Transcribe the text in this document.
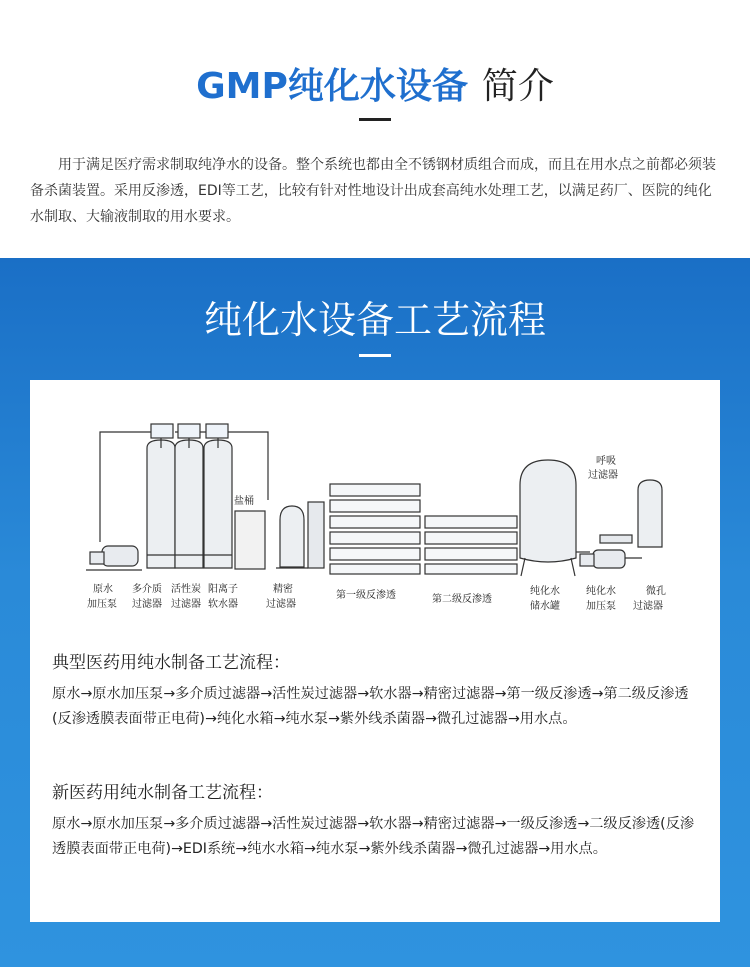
GMP纯化水设备 简介
用于满足医疗需求制取纯净水的设备。整个系统也都由全不锈钢材质组合而成，而且在用水点之前都必须装备杀菌装置。采用反渗透，EDI等工艺，比较有针对性地设计出成套高纯水处理工艺，以满足药厂、医院的纯化水制取、大输液制取的用水要求。
纯化水设备工艺流程
盐桶
呼吸
过滤器
原水
加压泵
多介质
过滤器
活性炭
过滤器
阳离子
软水器
精密
过滤器
第一级反渗透	第二级反渗透
纯化水
储水罐
纯化水
加压泵
微孔
过滤器
典型医药用纯水制备工艺流程：
原水→原水加压泵→多介质过滤器→活性炭过滤器→软水器→精密过滤器→第一级反渗透→第二级反渗透(反渗透膜表面带正电荷)→纯化水箱→纯水泵→紫外线杀菌器→微孔过滤器→用水点。
新医药用纯水制备工艺流程：
原水→原水加压泵→多介质过滤器→活性炭过滤器→软水器→精密过滤器→一级反渗透→二级反渗透(反渗透膜表面带正电荷)→EDI系统→纯水水箱→纯水泵→紫外线杀菌器→微孔过滤器→用水点。
